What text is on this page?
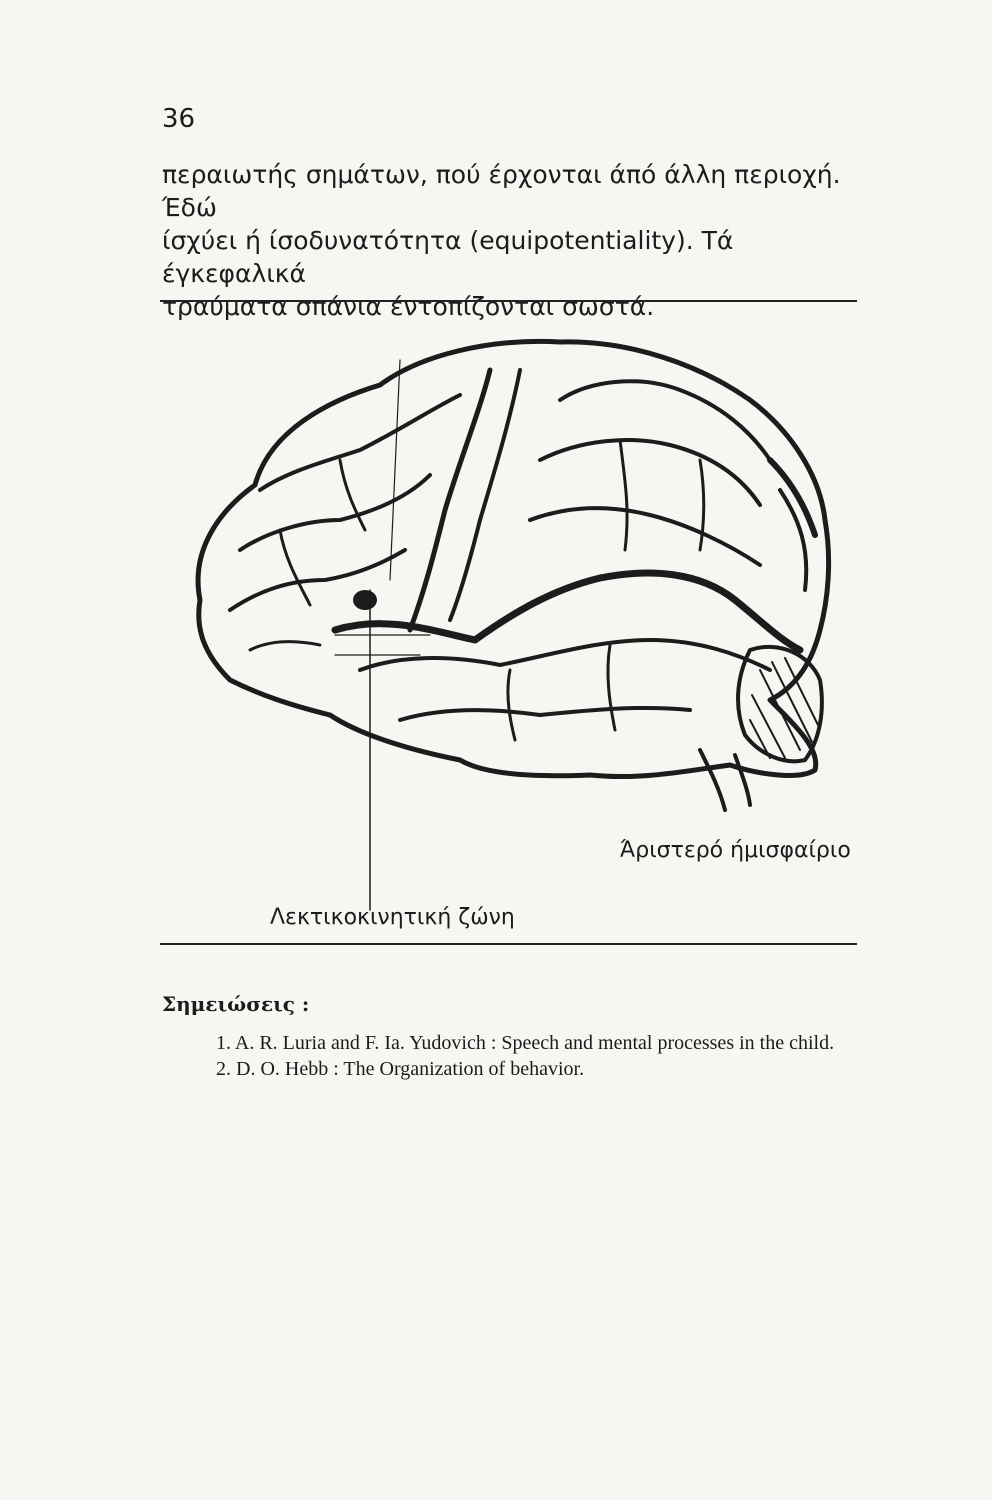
36

περαιωτής σημάτων, πού έρχονται άπό άλλη περιοχή. Έδώ

ίσχύει ή ίσοδυνατότητα (equipotentiality). Τά έγκεφαλικά

τραύματα σπάνια έντοπίζονται σωστά.

Άριστερό ήμισφαίριο
Λεκτικοκινητική ζώνη
Σημειώσεις :

1. A. R. Luria and F. Ia. Yudovich : Speech and mental processes in the child.

2. D. O. Hebb : The Organization of behavior.
